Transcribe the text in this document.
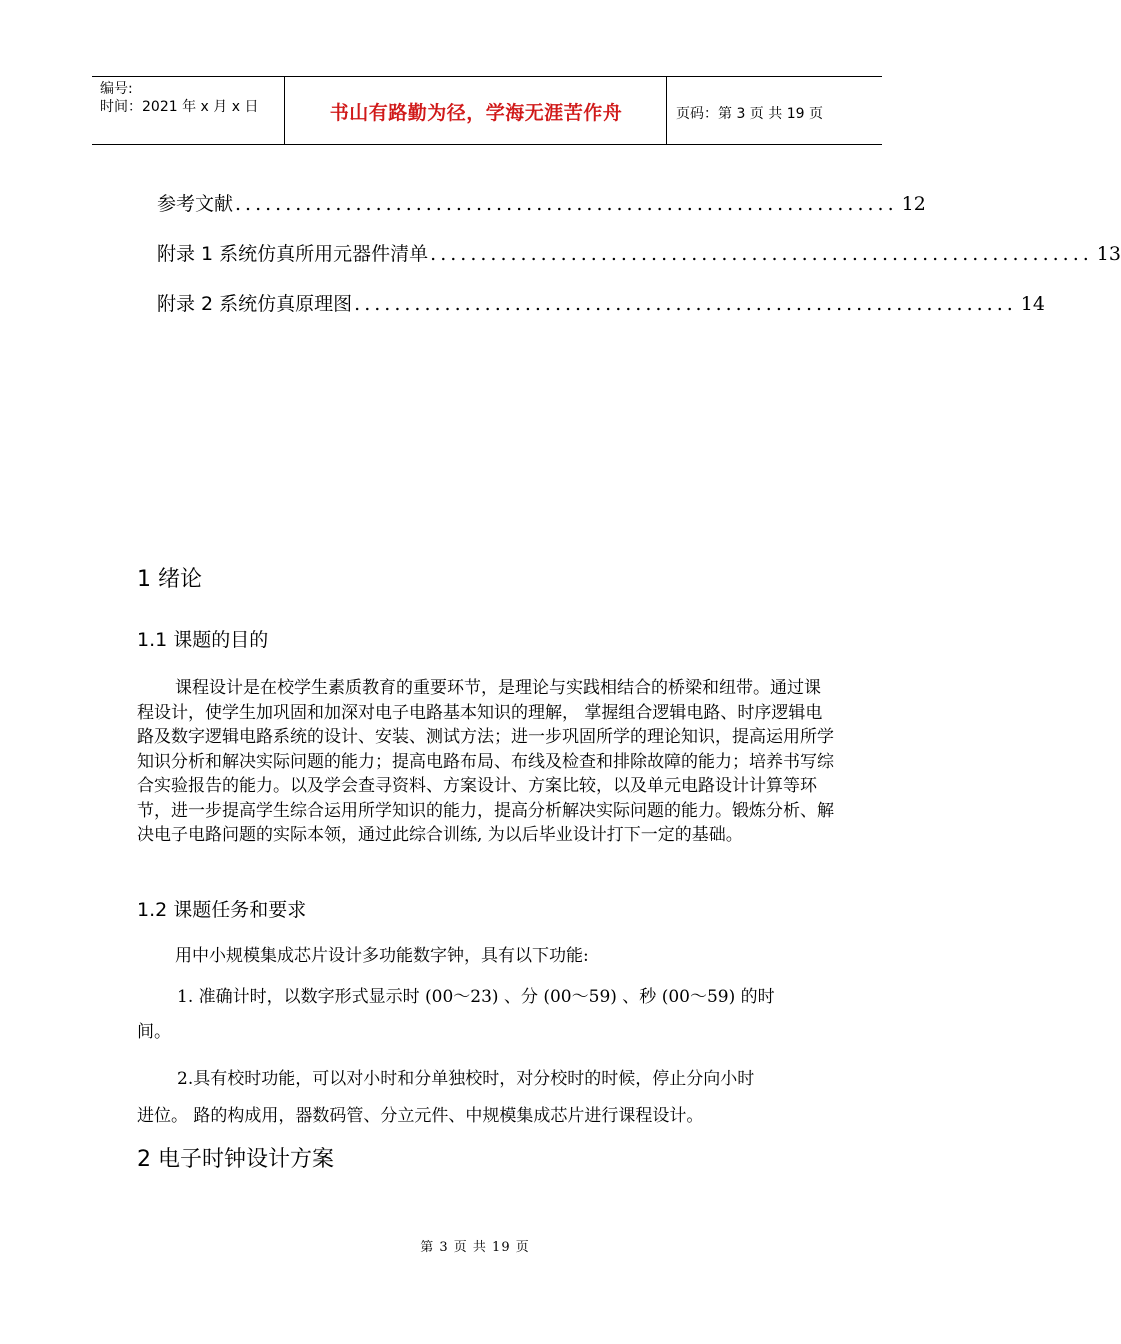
编号:
时间：2021 年 x 月 x 日	书山有路勤为径，学海无涯苦作舟	页码：第 3 页 共 19 页
参考文献 .................................................................. 12
附录 1 系统仿真所用元器件清单 .................................................................. 13
附录 2 系统仿真原理图 .................................................................. 14
1 绪论
1.1 课题的目的
课程设计是在校学生素质教育的重要环节，是理论与实践相结合的桥梁和纽带。通过课程设计，使学生加巩固和加深对电子电路基本知识的理解， 掌握组合逻辑电路、时序逻辑电路及数字逻辑电路系统的设计、安装、测试方法；进一步巩固所学的理论知识，提高运用所学知识分析和解决实际问题的能力；提高电路布局、布线及检查和排除故障的能力；培养书写综合实验报告的能力。以及学会查寻资料、方案设计、方案比较，以及单元电路设计计算等环节，进一步提高学生综合运用所学知识的能力，提高分析解决实际问题的能力。锻炼分析、解决电子电路问题的实际本领，通过此综合训练, 为以后毕业设计打下一定的基础。
1.2 课题任务和要求
用中小规模集成芯片设计多功能数字钟，具有以下功能:
1. 准确计时，以数字形式显示时 (00～23) 、分 (00～59) 、秒 (00～59) 的时
间。
2.具有校时功能，可以对小时和分单独校时，对分校时的时候，停止分向小时
进位。 路的构成用，器数码管、分立元件、中规模集成芯片进行课程设计。
2 电子时钟设计方案
第 3 页 共 19 页
